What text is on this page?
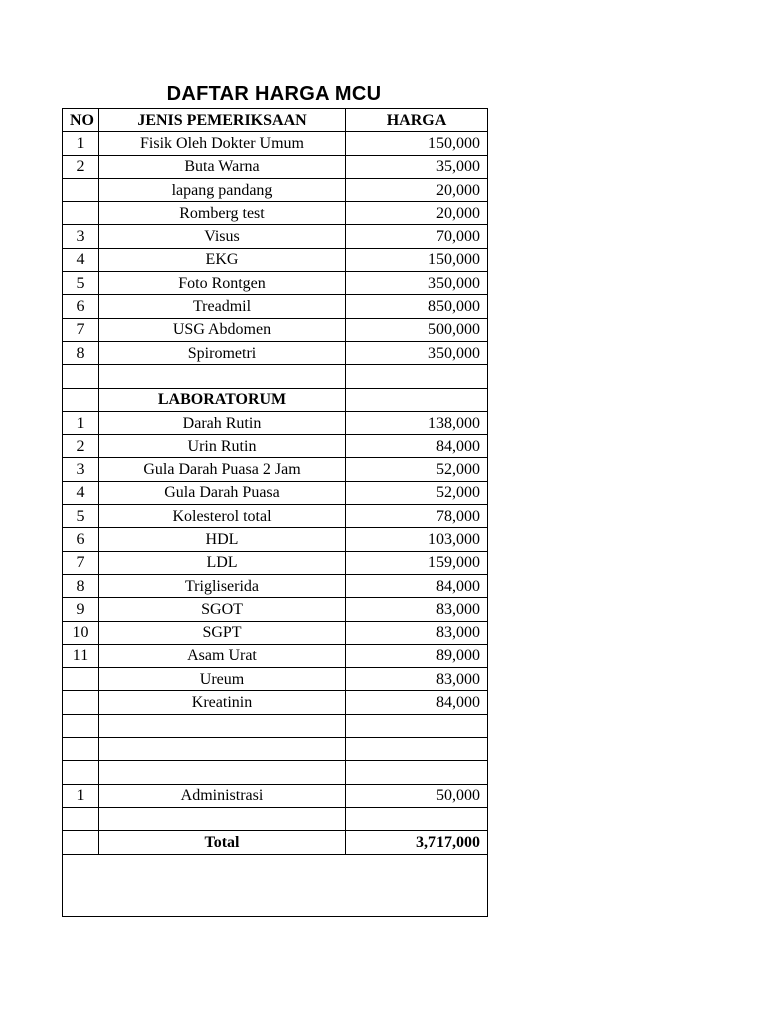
DAFTAR HARGA MCU
NO	JENIS PEMERIKSAAN	HARGA
1	Fisik Oleh Dokter Umum	150,000
2	Buta Warna	35,000
	lapang pandang	20,000
	Romberg test	20,000
3	Visus	70,000
4	EKG	150,000
5	Foto Rontgen	350,000
6	Treadmil	850,000
7	USG Abdomen	500,000
8	Spirometri	350,000

	LABORATORUM	
1	Darah Rutin	138,000
2	Urin Rutin	84,000
3	Gula Darah Puasa 2 Jam	52,000
4	Gula Darah Puasa	52,000
5	Kolesterol total	78,000
6	HDL	103,000
7	LDL	159,000
8	Trigliserida	84,000
9	SGOT	83,000
10	SGPT	83,000
11	Asam Urat	89,000
	Ureum	83,000
	Kreatinin	84,000

1	Administrasi	50,000

	Total	3,717,000
